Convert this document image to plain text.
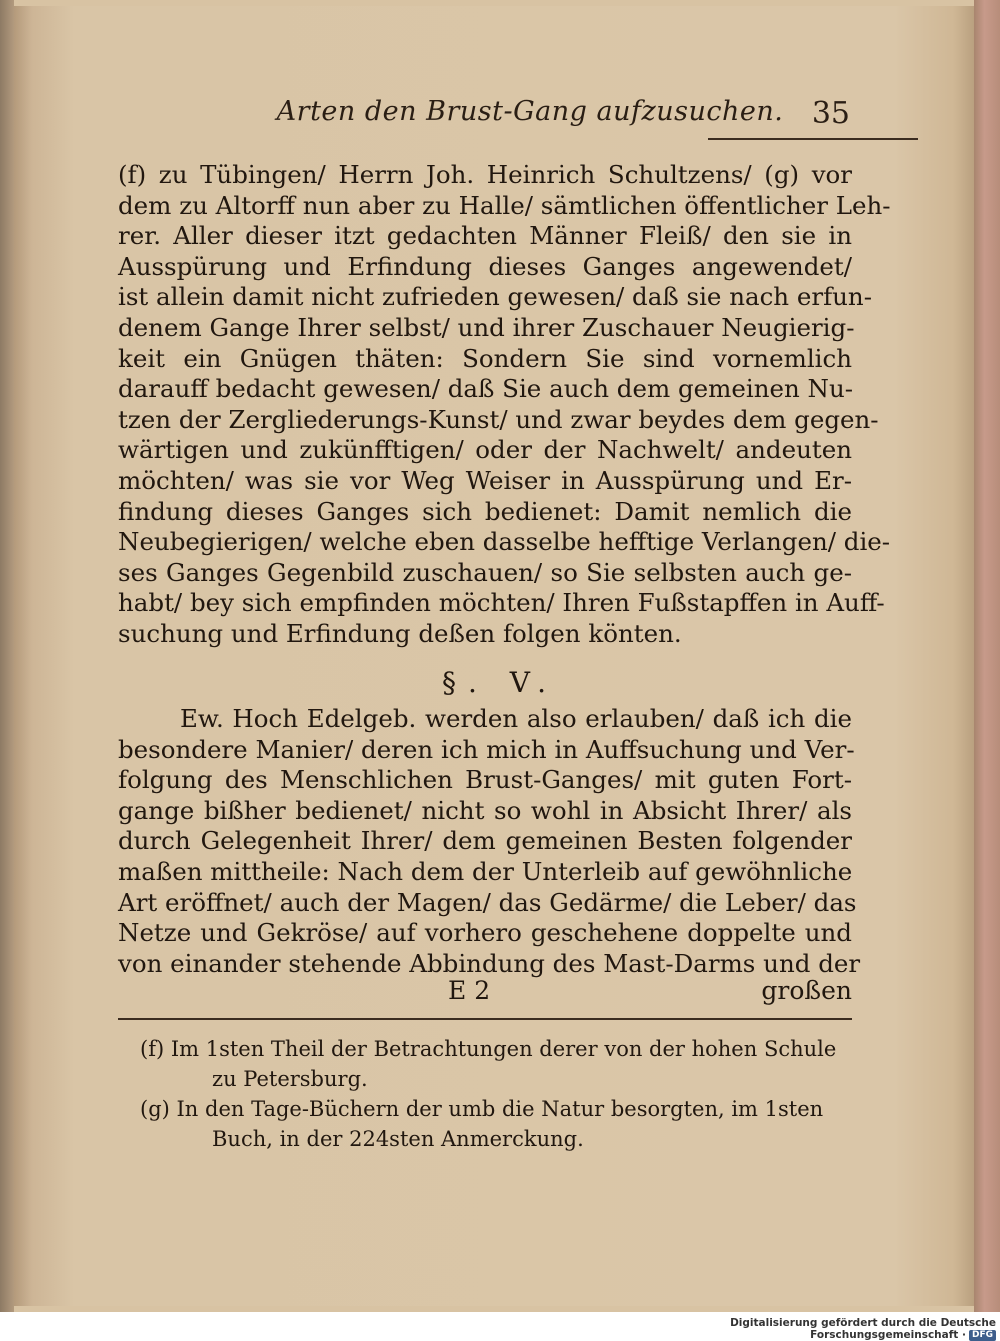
Arten den Brust-Gang aufzusuchen. 35
(f) zu Tübingen/ Herrn Joh. Heinrich Schultzens/ (g) vor
dem zu Altorff nun aber zu Halle/ sämtlichen öffentlicher Leh-
rer. Aller dieser itzt gedachten Männer Fleiß/ den sie in
Ausspürung und Erfindung dieses Ganges angewendet/
ist allein damit nicht zufrieden gewesen/ daß sie nach erfun-
denem Gange Ihrer selbst/ und ihrer Zuschauer Neugierig-
keit ein Gnügen thäten: Sondern Sie sind vornemlich
darauff bedacht gewesen/ daß Sie auch dem gemeinen Nu-
tzen der Zergliederungs-Kunst/ und zwar beydes dem gegen-
wärtigen und zukünfftigen/ oder der Nachwelt/ andeuten
möchten/ was sie vor Weg Weiser in Ausspürung und Er-
findung dieses Ganges sich bedienet: Damit nemlich die
Neubegierigen/ welche eben dasselbe hefftige Verlangen/ die-
ses Ganges Gegenbild zuschauen/ so Sie selbsten auch ge-
habt/ bey sich empfinden möchten/ Ihren Fußstapffen in Auff-
suchung und Erfindung deßen folgen könten.
§. V.
Ew. Hoch Edelgeb. werden also erlauben/ daß ich die
besondere Manier/ deren ich mich in Auffsuchung und Ver-
folgung des Menschlichen Brust-Ganges/ mit guten Fort-
gange bißher bedienet/ nicht so wohl in Absicht Ihrer/ als
durch Gelegenheit Ihrer/ dem gemeinen Besten folgender
maßen mittheile: Nach dem der Unterleib auf gewöhnliche
Art eröffnet/ auch der Magen/ das Gedärme/ die Leber/ das
Netze und Gekröse/ auf vorhero geschehene doppelte und
von einander stehende Abbindung des Mast-Darms und der
E 2	großen
(f) Im 1sten Theil der Betrachtungen derer von der hohen Schule
zu Petersburg.
(g) In den Tage-Büchern der umb die Natur besorgten, im 1sten
Buch, in der 224sten Anmerckung.
Digitalisierung gefördert durch die Deutsche Forschungsgemeinschaft · DFG
